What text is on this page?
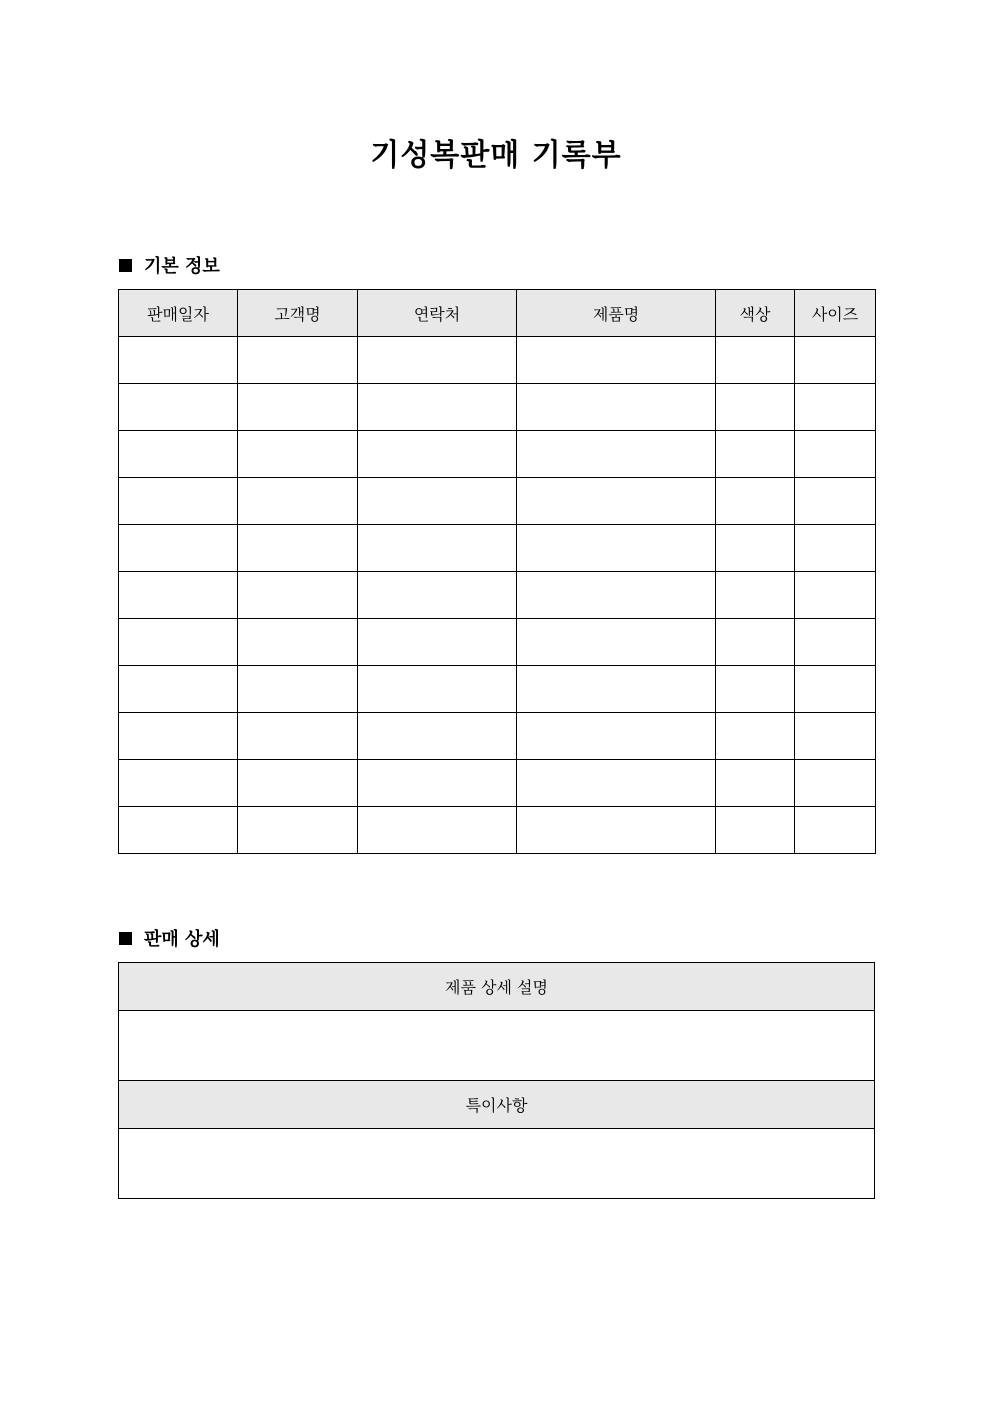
기성복판매 기록부
기본 정보
판매일자	고객명	연락처	제품명	색상	사이즈

판매 상세
제품 상세 설명

특이사항
